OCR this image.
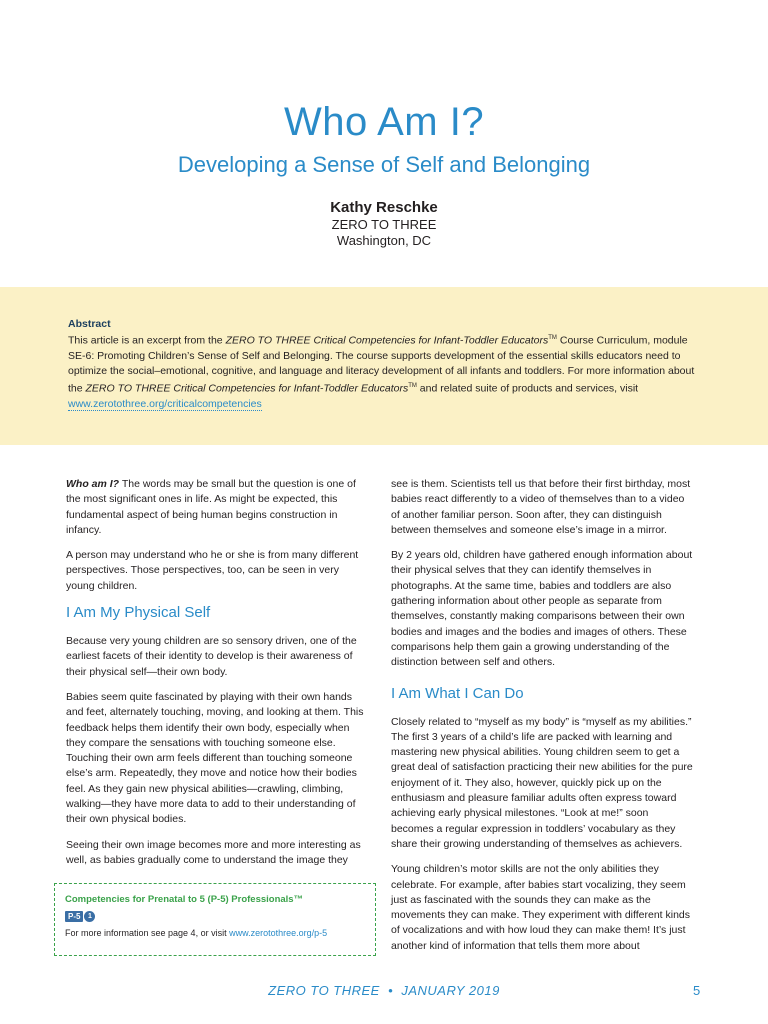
Who Am I?
Developing a Sense of Self and Belonging
Kathy Reschke
ZERO TO THREE
Washington, DC
Abstract
This article is an excerpt from the ZERO TO THREE Critical Competencies for Infant-Toddler Educators™ Course Curriculum, module SE-6: Promoting Children’s Sense of Self and Belonging. The course supports development of the essential skills educators need to optimize the social–emotional, cognitive, and language and literacy development of all infants and toddlers. For more information about the ZERO TO THREE Critical Competencies for Infant-Toddler Educators™ and related suite of products and services, visit www.zerotothree.org/criticalcompetencies

Who am I? The words may be small but the question is one of the most significant ones in life. As might be expected, this fundamental aspect of being human begins construction in infancy.

A person may understand who he or she is from many different perspectives. Those perspectives, too, can be seen in very young children.

I Am My Physical Self

Because very young children are so sensory driven, one of the earliest facets of their identity to develop is their awareness of their physical self—their own body.

Babies seem quite fascinated by playing with their own hands and feet, alternately touching, moving, and looking at them. This feedback helps them identify their own body, especially when they compare the sensations with touching someone else. Touching their own arm feels different than touching someone else’s arm. Repeatedly, they move and notice how their bodies feel. As they gain new physical abilities—crawling, climbing, walking—they have more data to add to their understanding of their own physical bodies.

Seeing their own image becomes more and more interesting as well, as babies gradually come to understand the image they

see is them. Scientists tell us that before their first birthday, most babies react differently to a video of themselves than to a video of another familiar person. Soon after, they can distinguish between themselves and someone else’s image in a mirror.

By 2 years old, children have gathered enough information about their physical selves that they can identify themselves in photographs. At the same time, babies and toddlers are also gathering information about other people as separate from themselves, constantly making comparisons between their own bodies and images and the bodies and images of others. These comparisons help them gain a growing understanding of the distinction between self and others.

I Am What I Can Do

Closely related to “myself as my body” is “myself as my abilities.” The first 3 years of a child’s life are packed with learning and mastering new physical abilities. Young children seem to get a great deal of satisfaction practicing their new abilities for the pure enjoyment of it. They also, however, quickly pick up on the enthusiasm and pleasure familiar adults often express toward achieving early physical milestones. “Look at me!” soon becomes a regular expression in toddlers’ vocabulary as they share their growing understanding of themselves as achievers.

Young children’s motor skills are not the only abilities they celebrate. For example, after babies start vocalizing, they seem just as fascinated with the sounds they can make as the movements they can make. They experiment with different kinds of vocalizations and with how loud they can make them! It’s just another kind of information that tells them more about

Competencies for Prenatal to 5 (P-5) Professionals™
P-5	1
For more information see page 4, or visit www.zerotothree.org/p-5
ZERO TO THREE  •  JANUARY 2019	5
